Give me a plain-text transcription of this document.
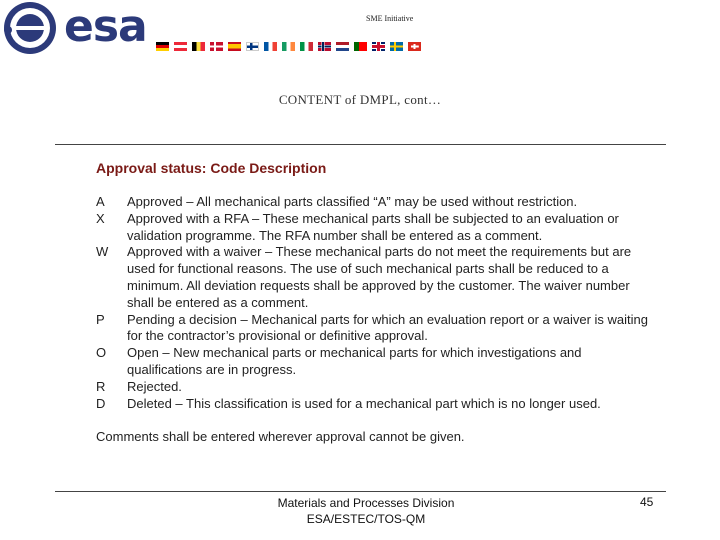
esa	SME Initiative
CONTENT of DMPL, cont…
Approval status: Code Description
A	Approved – All mechanical parts classified “A” may be used without restriction.
X	Approved with a RFA – These mechanical parts shall be subjected to an evaluation or validation programme. The RFA number shall be entered as a comment.
W	Approved with a waiver – These mechanical parts do not meet the requirements but are used for functional reasons. The use of such mechanical parts shall be reduced to a minimum. All deviation requests shall be approved by the customer. The waiver number shall be entered as a comment.
P	Pending a decision – Mechanical parts for which an evaluation report or a waiver is waiting for the contractor’s provisional or definitive approval.
O	Open – New mechanical parts or mechanical parts for which investigations and qualifications are in progress.
R	Rejected.
D	Deleted – This classification is used for a mechanical part which is no longer used.
Comments shall be entered wherever approval cannot be given.
Materials and Processes Division
ESA/ESTEC/TOS-QM
45
